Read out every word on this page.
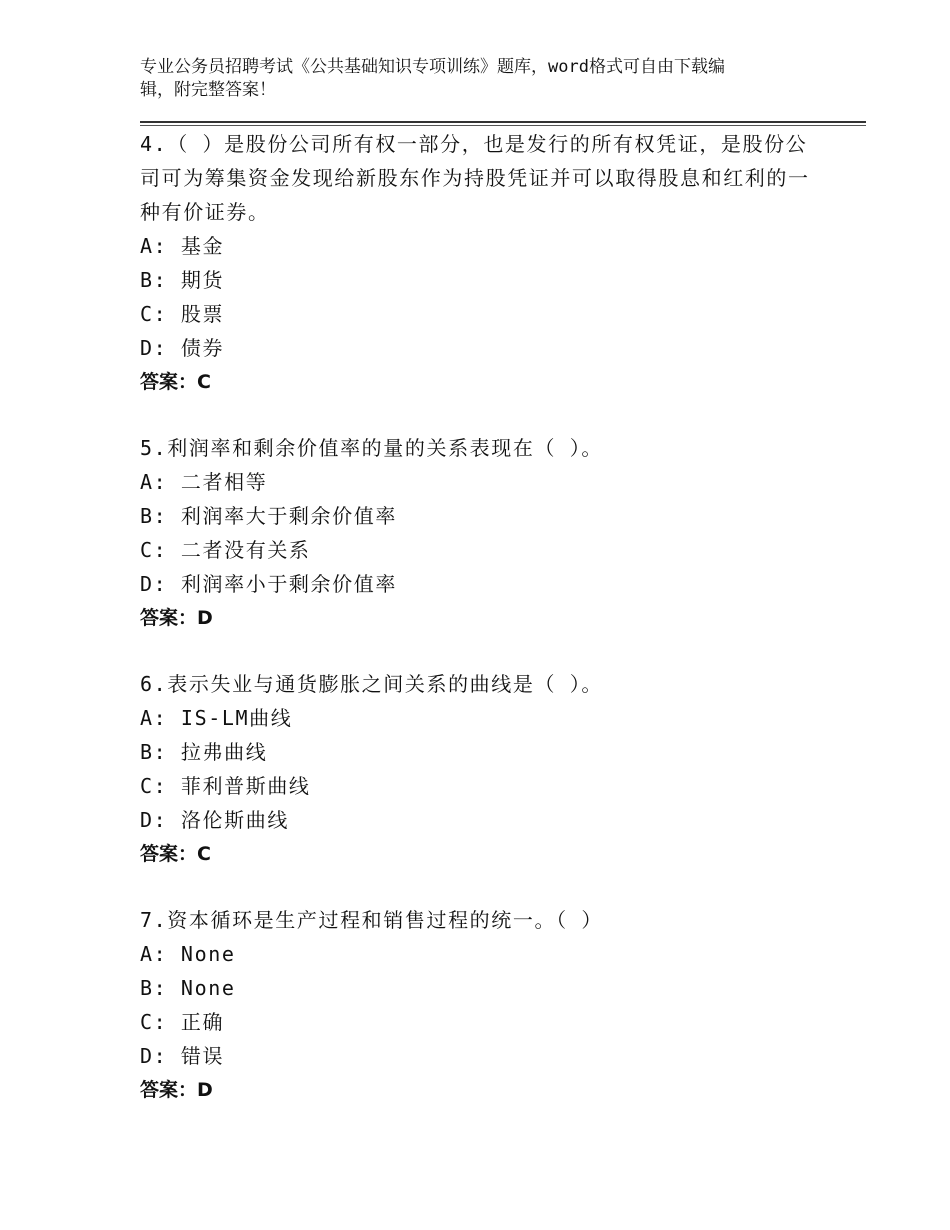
专业公务员招聘考试《公共基础知识专项训练》题库，word格式可自由下载编
辑，附完整答案！
4.（ ）是股份公司所有权一部分，也是发行的所有权凭证，是股份公司可为筹集资金发现给新股东作为持股凭证并可以取得股息和红利的一种有价证券。
A: 基金
B: 期货
C: 股票
D: 债券
答案：C
5.利润率和剩余价值率的量的关系表现在（ ）。
A: 二者相等
B: 利润率大于剩余价值率
C: 二者没有关系
D: 利润率小于剩余价值率
答案：D
6.表示失业与通货膨胀之间关系的曲线是（ ）。
A: IS-LM曲线
B: 拉弗曲线
C: 菲利普斯曲线
D: 洛伦斯曲线
答案：C
7.资本循环是生产过程和销售过程的统一。（ ）
A: None
B: None
C: 正确
D: 错误
答案：D
